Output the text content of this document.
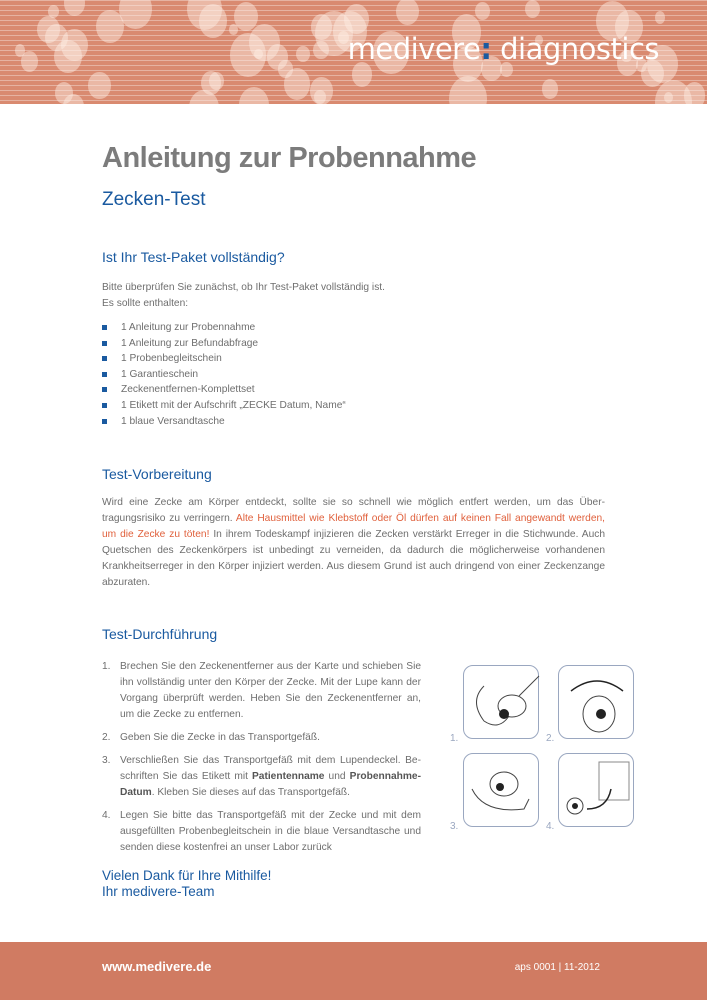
medivere: diagnostics
Anleitung zur Probennahme
Zecken-Test
Ist Ihr Test-Paket vollständig?
Bitte überprüfen Sie zunächst, ob Ihr Test-Paket vollständig ist.
Es sollte enthalten:
1 Anleitung zur Probennahme
1 Anleitung zur Befundabfrage
1 Probenbegleitschein
1 Garantieschein
Zeckenentfernen-Komplettset
1 Etikett mit der Aufschrift „ZECKE Datum, Name“
1 blaue Versandtasche
Test-Vorbereitung
Wird eine Zecke am Körper entdeckt, sollte sie so schnell wie möglich entfert werden, um das Übertragungsrisiko zu verringern. Alte Hausmittel wie Klebstoff oder Öl dürfen auf keinen Fall angewandt werden, um die Zecke zu töten! In ihrem Todeskampf injizieren die Zecken verstärkt Erreger in die Stichwunde. Auch Quetschen des Zeckenkörpers ist unbedingt zu verneiden, da dadurch die möglicherweise vorhandenen Krankheitserreger in den Körper injiziert werden. Aus diesem Grund ist auch dringend von einer Zeckenzange abzuraten.
Test-Durchführung
1. Brechen Sie den Zeckenentferner aus der Karte und schieben Sie ihn vollständig unter den Körper der Zecke. Mit der Lupe kann der Vorgang überprüft werden. Heben Sie den Zeckenentferner an, um die Zecke zu entfernen.
2. Geben Sie die Zecke in das Transportgefäß.
3. Verschließen Sie das Transportgefäß mit dem Lupendeckel. Beschriften Sie das Etikett mit Patientenname und Probennahme-Datum. Kleben Sie dieses auf das Transportgefäß.
4. Legen Sie bitte das Transportgefäß mit der Zecke und mit dem ausgefüllten Probenbegleitschein in die blaue Versandtasche und senden diese kostenfrei an unser Labor zurück
Vielen Dank für Ihre Mithilfe!
Ihr medivere-Team
1.	2.
3.	4.
www.medivere.de	aps 0001 | 11-2012
